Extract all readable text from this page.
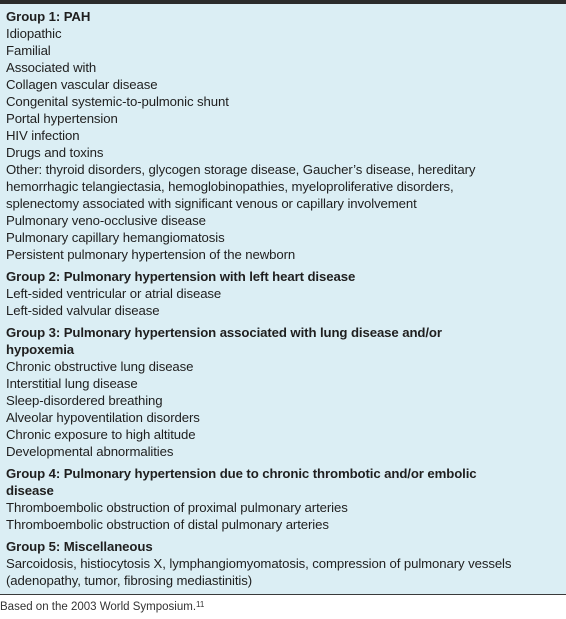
Group 1: PAH
Idiopathic
Familial
Associated with
Collagen vascular disease
Congenital systemic-to-pulmonic shunt
Portal hypertension
HIV infection
Drugs and toxins
Other: thyroid disorders, glycogen storage disease, Gaucher’s disease, hereditary
hemorrhagic telangiectasia, hemoglobinopathies, myeloproliferative disorders,
splenectomy associated with significant venous or capillary involvement
Pulmonary veno-occlusive disease
Pulmonary capillary hemangiomatosis
Persistent pulmonary hypertension of the newborn
Group 2: Pulmonary hypertension with left heart disease
Left-sided ventricular or atrial disease
Left-sided valvular disease
Group 3: Pulmonary hypertension associated with lung disease and/or hypoxemia
Chronic obstructive lung disease
Interstitial lung disease
Sleep-disordered breathing
Alveolar hypoventilation disorders
Chronic exposure to high altitude
Developmental abnormalities
Group 4: Pulmonary hypertension due to chronic thrombotic and/or embolic disease
Thromboembolic obstruction of proximal pulmonary arteries
Thromboembolic obstruction of distal pulmonary arteries
Group 5: Miscellaneous
Sarcoidosis, histiocytosis X, lymphangiomyomatosis, compression of pulmonary vessels
(adenopathy, tumor, fibrosing mediastinitis)
Based on the 2003 World Symposium.$^{11}$
